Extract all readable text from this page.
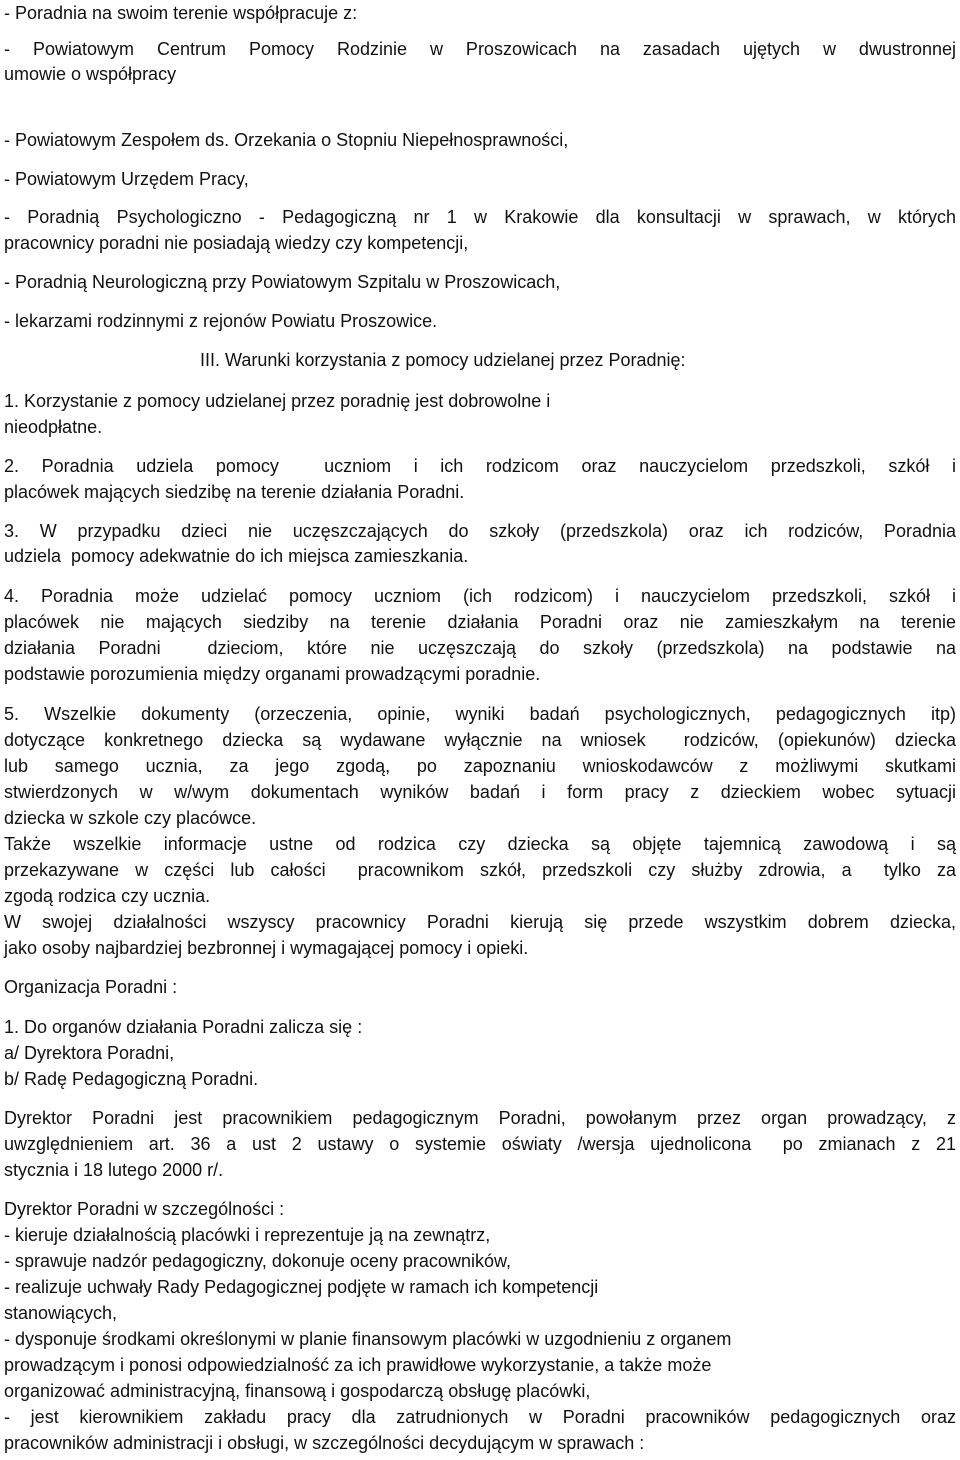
- Poradnia na swoim terenie współpracuje z:
- Powiatowym Centrum Pomocy Rodzinie w Proszowicach na zasadach ujętych w dwustronnej
umowie o współpracy
- Powiatowym Zespołem ds. Orzekania o Stopniu Niepełnosprawności,
- Powiatowym Urzędem Pracy,
- Poradnią Psychologiczno - Pedagogiczną nr 1 w Krakowie dla konsultacji w sprawach, w których
pracownicy poradni nie posiadają wiedzy czy kompetencji,
- Poradnią Neurologiczną przy Powiatowym Szpitalu w Proszowicach,
- lekarzami rodzinnymi z rejonów Powiatu Proszowice.
III. Warunki korzystania z pomocy udzielanej przez Poradnię:
1. Korzystanie z pomocy udzielanej przez poradnię jest dobrowolne i
nieodpłatne.
2. Poradnia udziela pomocy  uczniom i ich rodzicom oraz nauczycielom przedszkoli, szkół i
placówek mających siedzibę na terenie działania Poradni.
3. W przypadku dzieci nie uczęszczających do szkoły (przedszkola) oraz ich rodziców, Poradnia
udziela  pomocy adekwatnie do ich miejsca zamieszkania.
4. Poradnia może udzielać pomocy uczniom (ich rodzicom) i nauczycielom przedszkoli, szkół i
placówek nie mających siedziby na terenie działania Poradni oraz nie zamieszkałym na terenie
działania Poradni  dzieciom, które nie uczęszczają do szkoły (przedszkola) na podstawie na
podstawie porozumienia między organami prowadzącymi poradnie.
5. Wszelkie dokumenty (orzeczenia, opinie, wyniki badań psychologicznych, pedagogicznych itp)
dotyczące konkretnego dziecka są wydawane wyłącznie na wniosek  rodziców, (opiekunów) dziecka
lub samego ucznia, za jego zgodą, po zapoznaniu wnioskodawców z możliwymi skutkami
stwierdzonych w w/wym dokumentach wyników badań i form pracy z dzieckiem wobec sytuacji
dziecka w szkole czy placówce.
Także wszelkie informacje ustne od rodzica czy dziecka są objęte tajemnicą zawodową i są
przekazywane w części lub całości  pracownikom szkół, przedszkoli czy służby zdrowia, a  tylko za
zgodą rodzica czy ucznia.
W swojej działalności wszyscy pracownicy Poradni kierują się przede wszystkim dobrem dziecka,
jako osoby najbardziej bezbronnej i wymagającej pomocy i opieki.
Organizacja Poradni :
1. Do organów działania Poradni zalicza się :
a/ Dyrektora Poradni,
b/ Radę Pedagogiczną Poradni.
Dyrektor Poradni jest pracownikiem pedagogicznym Poradni, powołanym przez organ prowadzący, z
uwzględnieniem art. 36 a ust 2 ustawy o systemie oświaty /wersja ujednolicona  po zmianach z 21
stycznia i 18 lutego 2000 r/.
Dyrektor Poradni w szczególności :
- kieruje działalnością placówki i reprezentuje ją na zewnątrz,
- sprawuje nadzór pedagogiczny, dokonuje oceny pracowników,
- realizuje uchwały Rady Pedagogicznej podjęte w ramach ich kompetencji
stanowiących,
- dysponuje środkami określonymi w planie finansowym placówki w uzgodnieniu z organem
prowadzącym i ponosi odpowiedzialność za ich prawidłowe wykorzystanie, a także może
organizować administracyjną, finansową i gospodarczą obsługę placówki,
- jest kierownikiem zakładu pracy dla zatrudnionych w Poradni pracowników pedagogicznych oraz
pracowników administracji i obsługi, w szczególności decydującym w sprawach :
